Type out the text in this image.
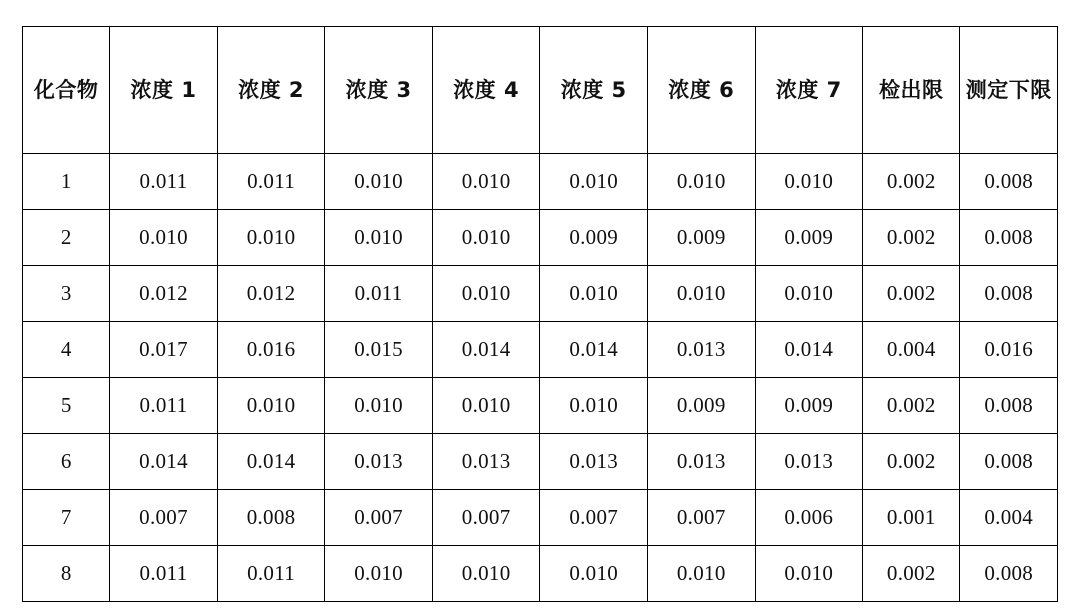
化合物	浓度 1	浓度 2	浓度 3	浓度 4	浓度 5	浓度 6	浓度 7	检出限	测定下限
1	0.011	0.011	0.010	0.010	0.010	0.010	0.010	0.002	0.008
2	0.010	0.010	0.010	0.010	0.009	0.009	0.009	0.002	0.008
3	0.012	0.012	0.011	0.010	0.010	0.010	0.010	0.002	0.008
4	0.017	0.016	0.015	0.014	0.014	0.013	0.014	0.004	0.016
5	0.011	0.010	0.010	0.010	0.010	0.009	0.009	0.002	0.008
6	0.014	0.014	0.013	0.013	0.013	0.013	0.013	0.002	0.008
7	0.007	0.008	0.007	0.007	0.007	0.007	0.006	0.001	0.004
8	0.011	0.011	0.010	0.010	0.010	0.010	0.010	0.002	0.008
